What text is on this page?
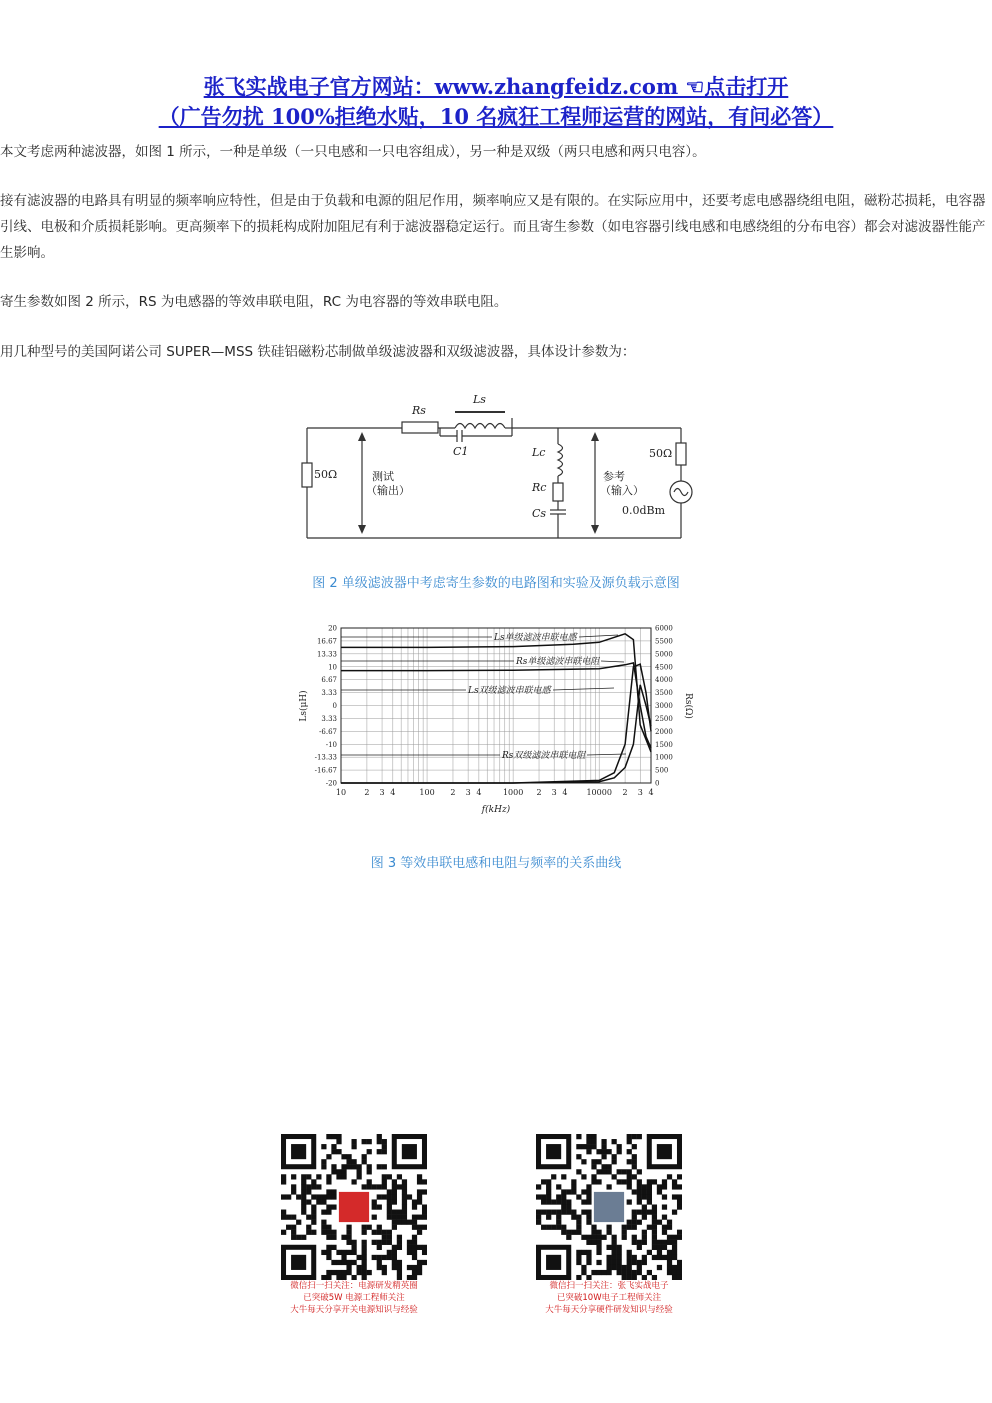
张飞实战电子官方网站：www.zhangfeidz.com ☜点击打开
（广告勿扰 100%拒绝水贴，10 名疯狂工程师运营的网站，有问必答）
本文考虑两种滤波器，如图 1 所示，一种是单级（一只电感和一只电容组成），另一种是双级（两只电感和两只电容）。
接有滤波器的电路具有明显的频率响应特性，但是由于负载和电源的阻尼作用，频率响应又是有限的。在实际应用中，还要考虑电感器绕组电阻，磁粉芯损耗，电容器引线、电极和介质损耗影响。更高频率下的损耗构成附加阻尼有利于滤波器稳定运行。而且寄生参数（如电容器引线电感和电感绕组的分布电容）都会对滤波器性能产生影响。
寄生参数如图 2 所示，RS 为电感器的等效串联电阻，RC 为电容器的等效串联电阻。
用几种型号的美国阿诺公司 SUPER—MSS 铁硅铝磁粉芯制做单级滤波器和双级滤波器，具体设计参数为：
Rs
Ls
C1	Lc
Rc
Cs
50Ω
50Ω
测试
（输出）
参考
（输入）
0.0dBm
图 2 单级滤波器中考虑寄生参数的电路图和实验及源负载示意图
Ls单级滤波串联电感
Rs单级滤波串联电阻
Ls双级滤波串联电感
Rs双级滤波串联电阻
10 2 3 4	100 2 3 4	1000 2 3 4 10000 2 3 4
20
16.67
13.33
10
6.67
3.33
0
3.33
-6.67
-10
-13.33
-16.67
-20
6000
5500
5000
4500
4000
3500
3000
2500
2000
1500
1000
500
0
f(kHz)
Ls(μH)	Rs(Ω)
图 3 等效串联电感和电阻与频率的关系曲线
微信扫一扫关注：电源研发精英圈
已突破5W 电源工程师关注
大牛每天分享开关电源知识与经验
微信扫一扫关注：张飞实战电子
已突破10W电子工程师关注
大牛每天分享硬件研发知识与经验
